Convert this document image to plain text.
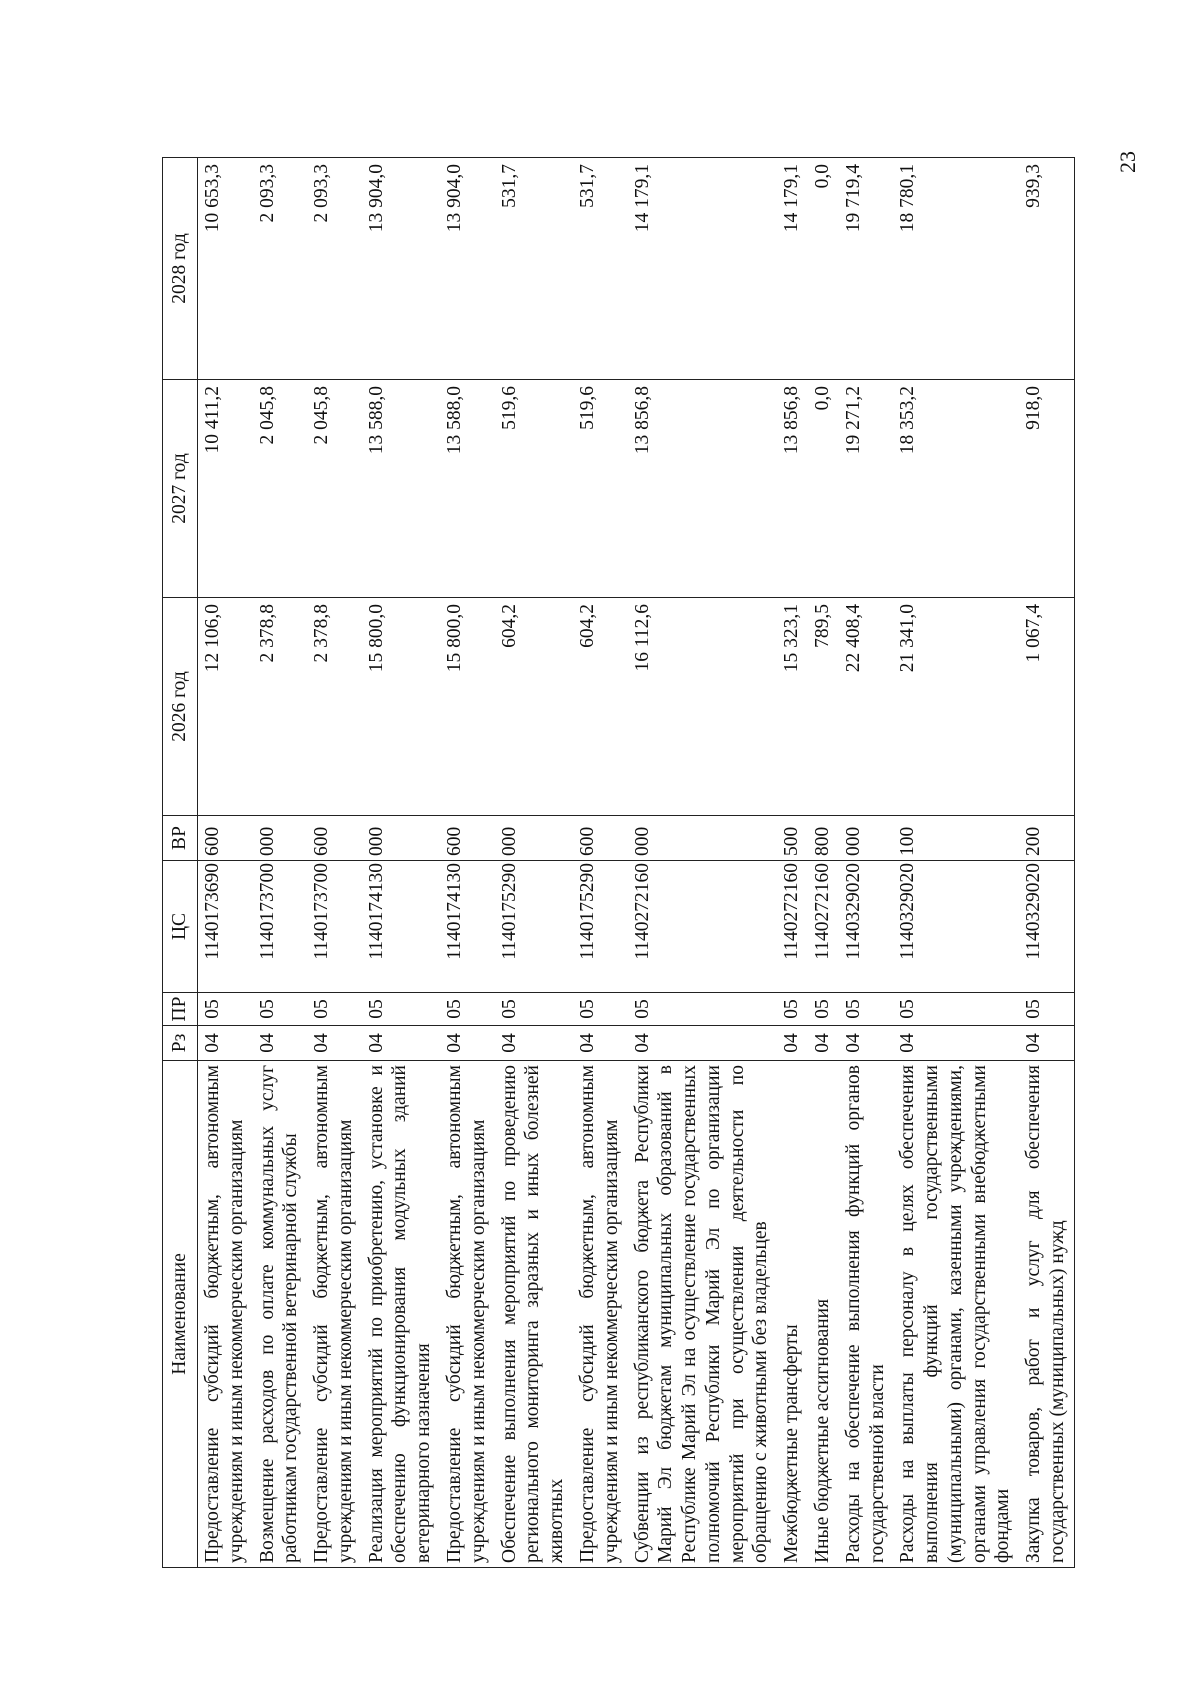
23
Наименование	Рз	ПР	ЦС	ВР	2026 год	2027 год	2028 год
Предоставление субсидий бюджетным, автономным учреждениям и иным некоммерческим организациям	04	05	1140173690	600	12 106,0	10 411,2	10 653,3
Возмещение расходов по оплате коммунальных услуг работникам государственной ветеринарной службы	04	05	1140173700	000	2 378,8	2 045,8	2 093,3
Предоставление субсидий бюджетным, автономным учреждениям и иным некоммерческим организациям	04	05	1140173700	600	2 378,8	2 045,8	2 093,3
Реализация мероприятий по приобретению, установке и обеспечению функционирования модульных зданий ветеринарного назначения	04	05	1140174130	000	15 800,0	13 588,0	13 904,0
Предоставление субсидий бюджетным, автономным учреждениям и иным некоммерческим организациям	04	05	1140174130	600	15 800,0	13 588,0	13 904,0
Обеспечение выполнения мероприятий по проведению регионального мониторинга заразных и иных болезней животных	04	05	1140175290	000	604,2	519,6	531,7
Предоставление субсидий бюджетным, автономным учреждениям и иным некоммерческим организациям	04	05	1140175290	600	604,2	519,6	531,7
Субвенции из республиканского бюджета Республики Марий Эл бюджетам муниципальных образований в Республике Марий Эл на осуществление государственных полномочий Республики Марий Эл по организации мероприятий при осуществлении деятельности по обращению с животными без владельцев	04	05	1140272160	000	16 112,6	13 856,8	14 179,1
Межбюджетные трансферты	04	05	1140272160	500	15 323,1	13 856,8	14 179,1
Иные бюджетные ассигнования	04	05	1140272160	800	789,5	0,0	0,0
Расходы на обеспечение выполнения функций органов государственной власти	04	05	1140329020	000	22 408,4	19 271,2	19 719,4
Расходы на выплаты персоналу в целях обеспечения выполнения функций государственными (муниципальными) органами, казенными учреждениями, органами управления государственными внебюджетными фондами	04	05	1140329020	100	21 341,0	18 353,2	18 780,1
Закупка товаров, работ и услуг для обеспечения государственных (муниципальных) нужд	04	05	1140329020	200	1 067,4	918,0	939,3
